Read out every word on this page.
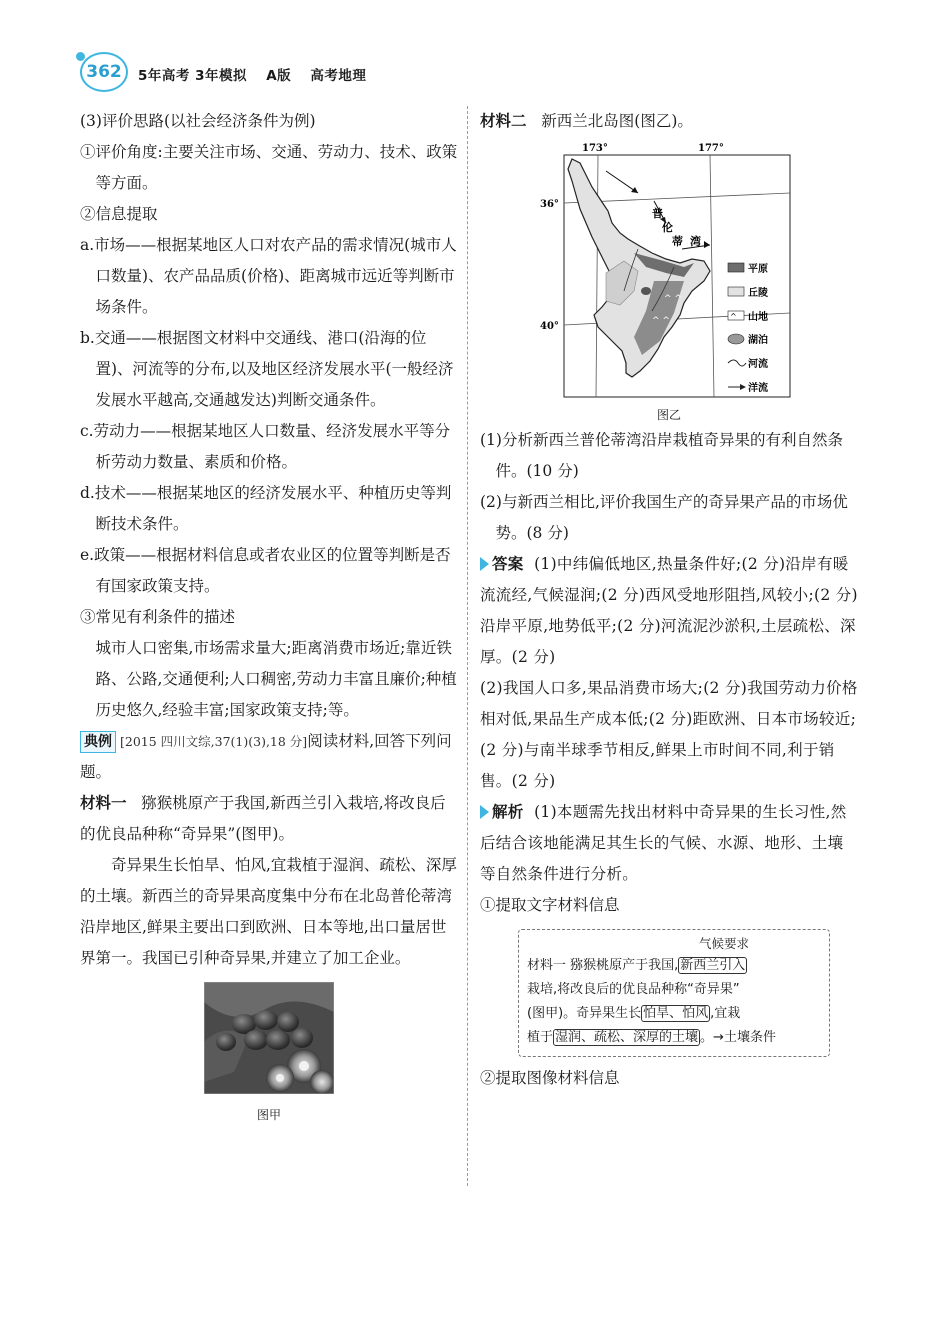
362	5年高考 3年模拟 A版 高考地理

(3)评价思路(以社会经济条件为例)

①评价角度:主要关注市场、交通、劳动力、技术、政策等方面。

②信息提取

a.市场——根据某地区人口对农产品的需求情况(城市人口数量)、农产品品质(价格)、距离城市远近等判断市场条件。

b.交通——根据图文材料中交通线、港口(沿海的位置)、河流等的分布,以及地区经济发展水平(一般经济发展水平越高,交通越发达)判断交通条件。

c.劳动力——根据某地区人口数量、经济发展水平等分析劳动力数量、素质和价格。

d.技术——根据某地区的经济发展水平、种植历史等判断技术条件。

e.政策——根据材料信息或者农业区的位置等判断是否有国家政策支持。

③常见有利条件的描述

城市人口密集,市场需求量大;距离消费市场近;靠近铁路、公路,交通便利;人口稠密,劳动力丰富且廉价;种植历史悠久,经验丰富;国家政策支持;等。

典例 [2015 四川文综,37(1)(3),18 分]阅读材料,回答下列问题。

材料一 猕猴桃原产于我国,新西兰引入栽培,将改良后的优良品种称“奇异果”(图甲)。

奇异果生长怕旱、怕风,宜栽植于湿润、疏松、深厚的土壤。新西兰的奇异果高度集中分布在北岛普伦蒂湾沿岸地区,鲜果主要出口到欧洲、日本等地,出口量居世界第一。我国已引种奇异果,并建立了加工企业。

图甲

材料二 新西兰北岛图(图乙)。

^ ^
^ ^
173°	177°
36°
40°
普
伦
蒂 湾
平原
丘陵
^ 山地
湖泊
河流
洋流
图乙

(1)分析新西兰普伦蒂湾沿岸栽植奇异果的有利自然条件。(10 分)

(2)与新西兰相比,评价我国生产的奇异果产品的市场优势。(8 分)

答案 (1)中纬偏低地区,热量条件好;(2 分)沿岸有暖流流经,气候湿润;(2 分)西风受地形阻挡,风较小;(2 分)沿岸平原,地势低平;(2 分)河流泥沙淤积,土层疏松、深厚。(2 分)

(2)我国人口多,果品消费市场大;(2 分)我国劳动力价格相对低,果品生产成本低;(2 分)距欧洲、日本市场较近;(2 分)与南半球季节相反,鲜果上市时间不同,利于销售。(2 分)

解析 (1)本题需先找出材料中奇异果的生长习性,然后结合该地能满足其生长的气候、水源、地形、土壤等自然条件进行分析。

①提取文字材料信息

气候要求
材料一 猕猴桃原产于我国, 新西兰引入
栽培,将改良后的优良品种称“奇异果”
(图甲)。奇异果生长 怕旱、怕风 ,宜栽
植于 湿润、疏松、深厚的土壤 。→土壤条件

②提取图像材料信息
